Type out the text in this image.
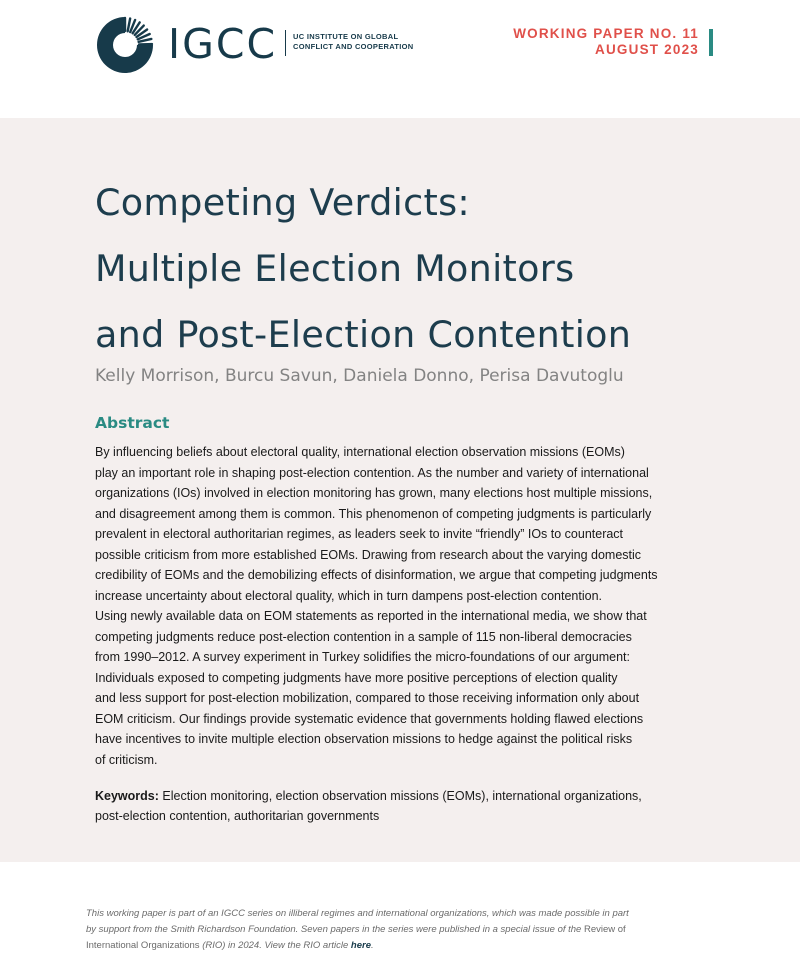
IGCC UC INSTITUTE ON GLOBAL
CONFLICT AND COOPERATION
WORKING PAPER NO. 11
AUGUST 2023
Competing Verdicts:
Multiple Election Monitors
and Post-Election Contention
Kelly Morrison, Burcu Savun, Daniela Donno, Perisa Davutoglu
Abstract
By influencing beliefs about electoral quality, international election observation missions (EOMs)
play an important role in shaping post-election contention. As the number and variety of international
organizations (IOs) involved in election monitoring has grown, many elections host multiple missions,
and disagreement among them is common. This phenomenon of competing judgments is particularly
prevalent in electoral authoritarian regimes, as leaders seek to invite “friendly” IOs to counteract
possible criticism from more established EOMs. Drawing from research about the varying domestic
credibility of EOMs and the demobilizing effects of disinformation, we argue that competing judgments
increase uncertainty about electoral quality, which in turn dampens post-election contention.
Using newly available data on EOM statements as reported in the international media, we show that
competing judgments reduce post-election contention in a sample of 115 non-liberal democracies
from 1990–2012. A survey experiment in Turkey solidifies the micro-foundations of our argument:
Individuals exposed to competing judgments have more positive perceptions of election quality
and less support for post-election mobilization, compared to those receiving information only about
EOM criticism. Our findings provide systematic evidence that governments holding flawed elections
have incentives to invite multiple election observation missions to hedge against the political risks
of criticism.
Keywords: Election monitoring, election observation missions (EOMs), international organizations,
post-election contention, authoritarian governments
This working paper is part of an IGCC series on illiberal regimes and international organizations, which was made possible in part
by support from the Smith Richardson Foundation. Seven papers in the series were published in a special issue of the Review of
International Organizations (RIO) in 2024. View the RIO article here.
